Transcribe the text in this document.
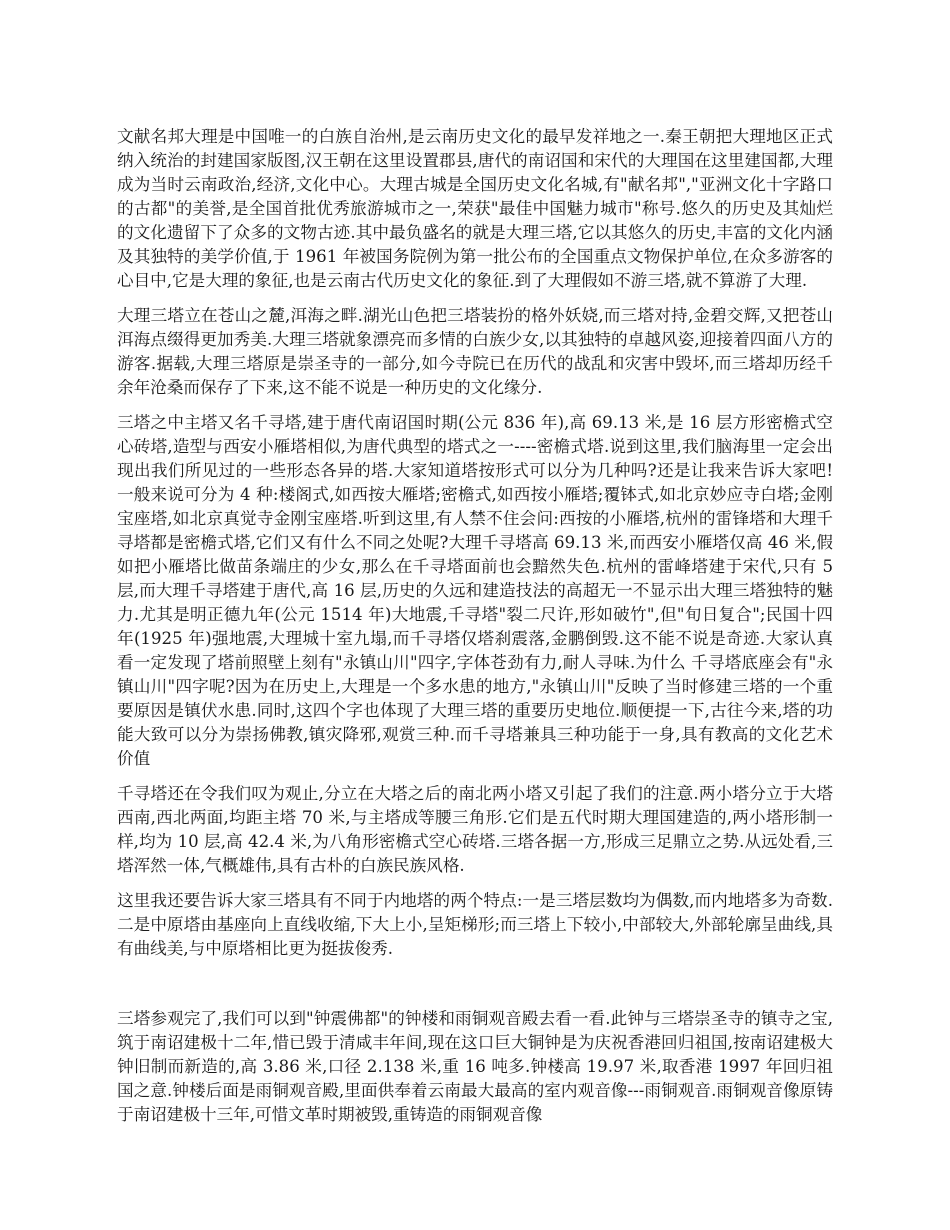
文献名邦大理是中国唯一的白族自治州,是云南历史文化的最早发祥地之一.秦王朝把大理地区正式纳入统治的封建国家版图,汉王朝在这里设置郡县,唐代的南诏国和宋代的大理国在这里建国都,大理成为当时云南政治,经济,文化中心。大理古城是全国历史文化名城,有"献名邦","亚洲文化十字路口的古都"的美誉,是全国首批优秀旅游城市之一,荣获"最佳中国魅力城市"称号.悠久的历史及其灿烂的文化遗留下了众多的文物古迹.其中最负盛名的就是大理三塔,它以其悠久的历史,丰富的文化内涵及其独特的美学价值,于 1961 年被国务院例为第一批公布的全国重点文物保护单位,在众多游客的心目中,它是大理的象征,也是云南古代历史文化的象征.到了大理假如不游三塔,就不算游了大理.

大理三塔立在苍山之麓,洱海之畔.湖光山色把三塔装扮的格外妖娆,而三塔对持,金碧交辉,又把苍山洱海点缀得更加秀美.大理三塔就象漂亮而多情的白族少女,以其独特的卓越风姿,迎接着四面八方的游客.据载,大理三塔原是崇圣寺的一部分,如今寺院已在历代的战乱和灾害中毁坏,而三塔却历经千余年沧桑而保存了下来,这不能不说是一种历史的文化缘分.

三塔之中主塔又名千寻塔,建于唐代南诏国时期(公元 836 年),高 69.13 米,是 16 层方形密檐式空心砖塔,造型与西安小雁塔相似,为唐代典型的塔式之一----密檐式塔.说到这里,我们脑海里一定会出现出我们所见过的一些形态各异的塔.大家知道塔按形式可以分为几种吗?还是让我来告诉大家吧!一般来说可分为 4 种:楼阁式,如西按大雁塔;密檐式,如西按小雁塔;覆钵式,如北京妙应寺白塔;金刚宝座塔,如北京真觉寺金刚宝座塔.听到这里,有人禁不住会问:西按的小雁塔,杭州的雷锋塔和大理千寻塔都是密檐式塔,它们又有什么不同之处呢?大理千寻塔高 69.13 米,而西安小雁塔仅高 46 米,假如把小雁塔比做苗条端庄的少女,那么在千寻塔面前也会黯然失色.杭州的雷峰塔建于宋代,只有 5 层,而大理千寻塔建于唐代,高 16 层,历史的久远和建造技法的高超无一不显示出大理三塔独特的魅力.尤其是明正德九年(公元 1514 年)大地震,千寻塔"裂二尺许,形如破竹",但"旬日复合";民国十四年(1925 年)强地震,大理城十室九塌,而千寻塔仅塔刹震落,金鹏倒毁.这不能不说是奇迹.大家认真看一定发现了塔前照壁上刻有"永镇山川"四字,字体苍劲有力,耐人寻味.为什么 千寻塔底座会有"永镇山川"四字呢?因为在历史上,大理是一个多水患的地方,"永镇山川"反映了当时修建三塔的一个重要原因是镇伏水患.同时,这四个字也体现了大理三塔的重要历史地位.顺便提一下,古往今来,塔的功能大致可以分为崇扬佛教,镇灾降邪,观赏三种.而千寻塔兼具三种功能于一身,具有教高的文化艺术价值

千寻塔还在令我们叹为观止,分立在大塔之后的南北两小塔又引起了我们的注意.两小塔分立于大塔西南,西北两面,均距主塔 70 米,与主塔成等腰三角形.它们是五代时期大理国建造的,两小塔形制一样,均为 10 层,高 42.4 米,为八角形密檐式空心砖塔.三塔各据一方,形成三足鼎立之势.从远处看,三塔浑然一体,气概雄伟,具有古朴的白族民族风格.

这里我还要告诉大家三塔具有不同于内地塔的两个特点:一是三塔层数均为偶数,而内地塔多为奇数.二是中原塔由基座向上直线收缩,下大上小,呈矩梯形;而三塔上下较小,中部较大,外部轮廓呈曲线,具有曲线美,与中原塔相比更为挺拔俊秀.

三塔参观完了,我们可以到"钟震佛都"的钟楼和雨铜观音殿去看一看.此钟与三塔崇圣寺的镇寺之宝,筑于南诏建极十二年,惜已毁于清咸丰年间,现在这口巨大铜钟是为庆祝香港回归祖国,按南诏建极大钟旧制而新造的,高 3.86 米,口径 2.138 米,重 16 吨多.钟楼高 19.97 米,取香港 1997 年回归祖国之意.钟楼后面是雨铜观音殿,里面供奉着云南最大最高的室内观音像---雨铜观音.雨铜观音像原铸于南诏建极十三年,可惜文革时期被毁,重铸造的雨铜观音像
